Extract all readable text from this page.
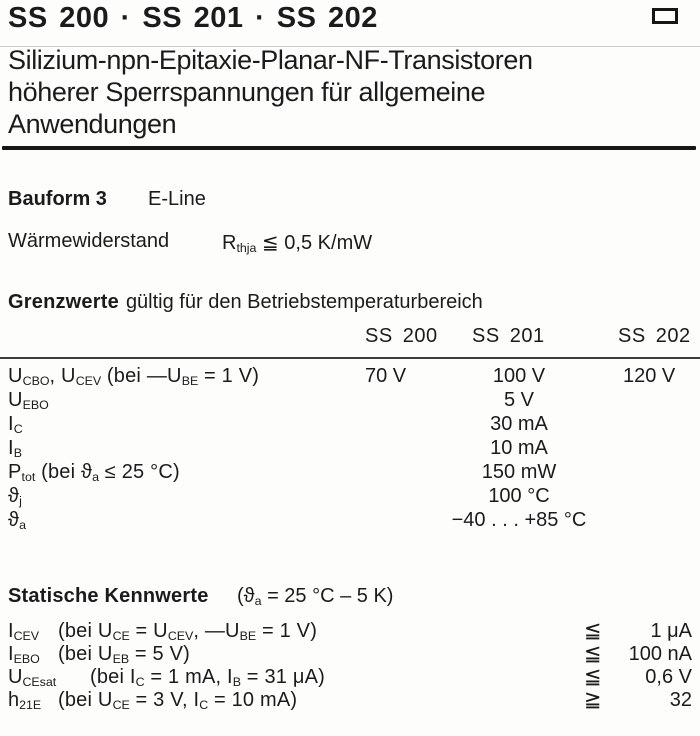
SS 200 · SS 201 · SS 202
Silizium-npn-Epitaxie-Planar-NF-Transistoren
höherer Sperrspannungen für allgemeine
Anwendungen
Bauform 3 E-Line
Wärmewiderstand	$R_{thja}$ ≦ 0,5 K/mW
Grenzwerte gültig für den Betriebstemperaturbereich
SS 200 SS 201	SS 202
$U_{CBO}$, $U_{CEV}$ (bei $—U_{BE} = 1$ V)	70 V	100 V	120 V
$U_{EBO}$	5 V
$I_C$	30 mA
$I_B$	10 mA
$P_{tot}$ (bei $ϑ_a \le 25$ °C)	150 mW
$ϑ_j$	100 °C
$ϑ_a$	−40 . . . +85 °C
Statische Kennwerte ($ϑ_a = 25$ °C – 5 K)
$I_{CEV}$ (bei $U_{CE} = U_{CEV}$, $—U_{BE} = 1$ V)	≦	1 μA
$I_{EBO}$ (bei $U_{EB} = 5$ V)	≦	100 nA
$U_{CEsat}$ (bei $I_C = 1$ mA, $I_B = 31$ μA)	≦	0,6 V
$h_{21E}$ (bei $U_{CE} = 3$ V, $I_C = 10$ mA)	≧	32
